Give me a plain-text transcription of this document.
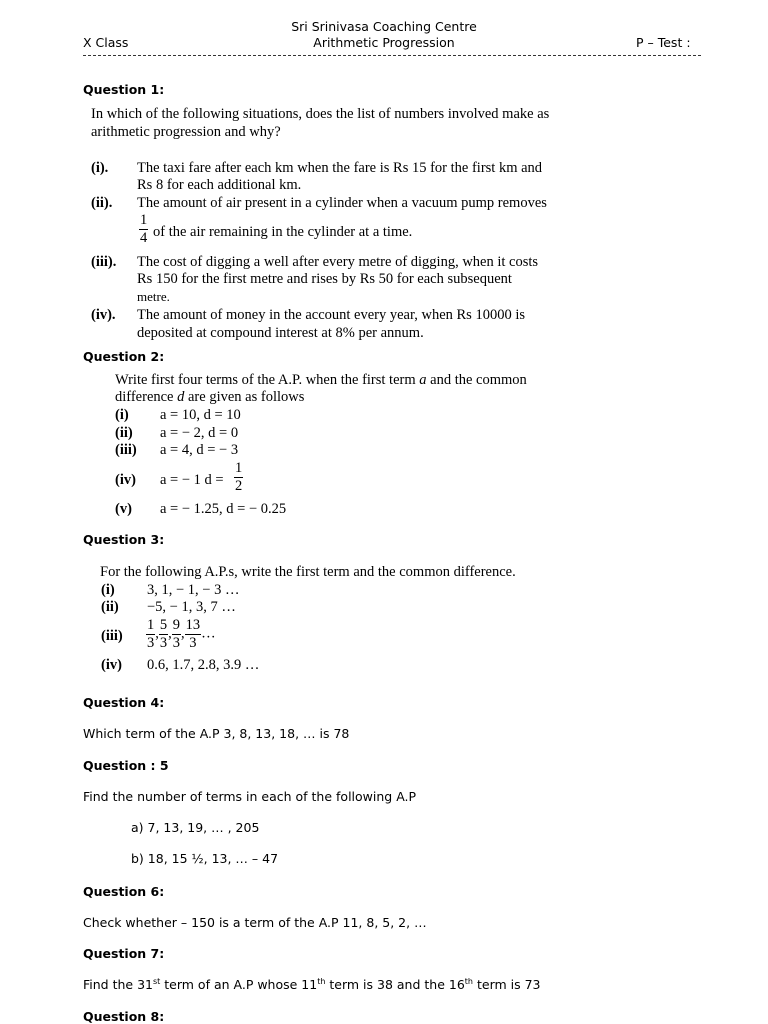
Sri Srinivasa Coaching Centre
Arithmetic Progression
X Class	P – Test :
Question 1:
In which of the following situations, does the list of numbers involved make as
arithmetic progression and why?
(i). The taxi fare after each km when the fare is Rs 15 for the first km and
Rs 8 for each additional km.
(ii). The amount of air present in a cylinder when a vacuum pump removes
$\frac{1}{4}$ of the air remaining in the cylinder at a time.
(iii). The cost of digging a well after every metre of digging, when it costs
Rs 150 for the first metre and rises by Rs 50 for each subsequent
metre.
(iv). The amount of money in the account every year, when Rs 10000 is
deposited at compound interest at 8% per annum.
Question 2:
Write first four terms of the A.P. when the first term a and the common
difference d are given as follows
(i) a = 10, d = 10
(ii) a = − 2, d = 0
(iii) a = 4, d = − 3
(iv) a = − 1 $d = \frac{1}{2}$
(v) a = − 1.25, d = − 0.25
Question 3:
For the following A.P.s, write the first term and the common difference.
(i) 3, 1, − 1, − 3 …
(ii) −5, − 1, 3, 7 …
$(iii) \frac{1}{3}$ , $\frac{5}{3}$ , $\frac{9}{3}$ , $\frac{13}{3}$ …
(iv) 0.6, 1.7, 2.8, 3.9 …
Question 4:
Which term of the A.P 3, 8, 13, 18, … is 78
Question : 5
Find the number of terms in each of the following A.P
a) 7, 13, 19, … , 205
b) 18, 15 ½, 13, … – 47
Question 6:
Check whether – 150 is a term of the A.P 11, 8, 5, 2, …
Question 7:
Find the 31st term of an A.P whose 11th term is 38 and the 16th term is 73
Question 8:
